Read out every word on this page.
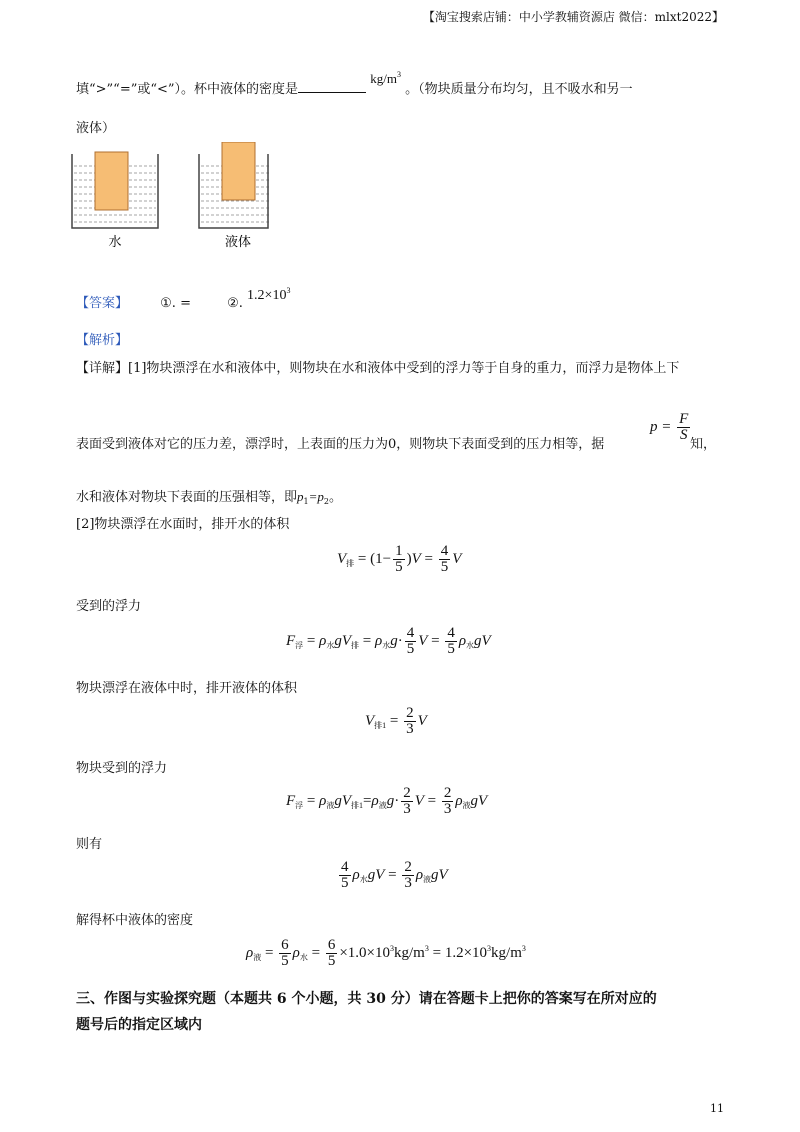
【淘宝搜索店铺：中小学教辅资源店 微信：mlxt2022】
填“>”“=”或“<”）。杯中液体的密度是 $kg/m^3$ 。（物块质量分布均匀，且不吸水和另一
液体）
水	液体
【答案】 ①. =	②. $1.2\times 10^3$
【解析】
【详解】[1]物块漂浮在水和液体中，则物块在水和液体中受到的浮力等于自身的重力，而浮力是物体上下
表面受到液体对它的压力差，漂浮时，上表面的压力为0，则物块下表面受到的压力相等，据
$p = \frac{F}{S}$
知，
水和液体对物块下表面的压强相等，即$p_1=p_2$。
[2]物块漂浮在水面时，排开水的体积
$V_排 = (1- \frac{1}{5} )V = \frac{4}{5}$ V
受到的浮力
$F_浮 = \rho_水gV_排 = \rho_水g\cdot \frac{4}{5}$ $V = \frac{4}{5} \rho_水gV$
物块漂浮在液体中时，排开液体的体积
$V_{排1} = \frac{2}{3}$ V
物块受到的浮力
$F_浮 = \rho_液gV_{排1}=\rho_液g\cdot \frac{2}{3}$ $V = \frac{2}{3} \rho_液gV$
则有
$\frac{4}{5} \rho_水gV = \frac{2}{3} \rho_液gV$
解得杯中液体的密度
$\rho_液 = \frac{6}{5} \rho_水 = \frac{6}{5} \times 1.0\times 10^3kg/m^3 = 1.2\times 10^3kg/m^3$
三、作图与实验探究题（本题共 6 个小题，共 30 分）请在答题卡上把你的答案写在所对应的
题号后的指定区域内
11
